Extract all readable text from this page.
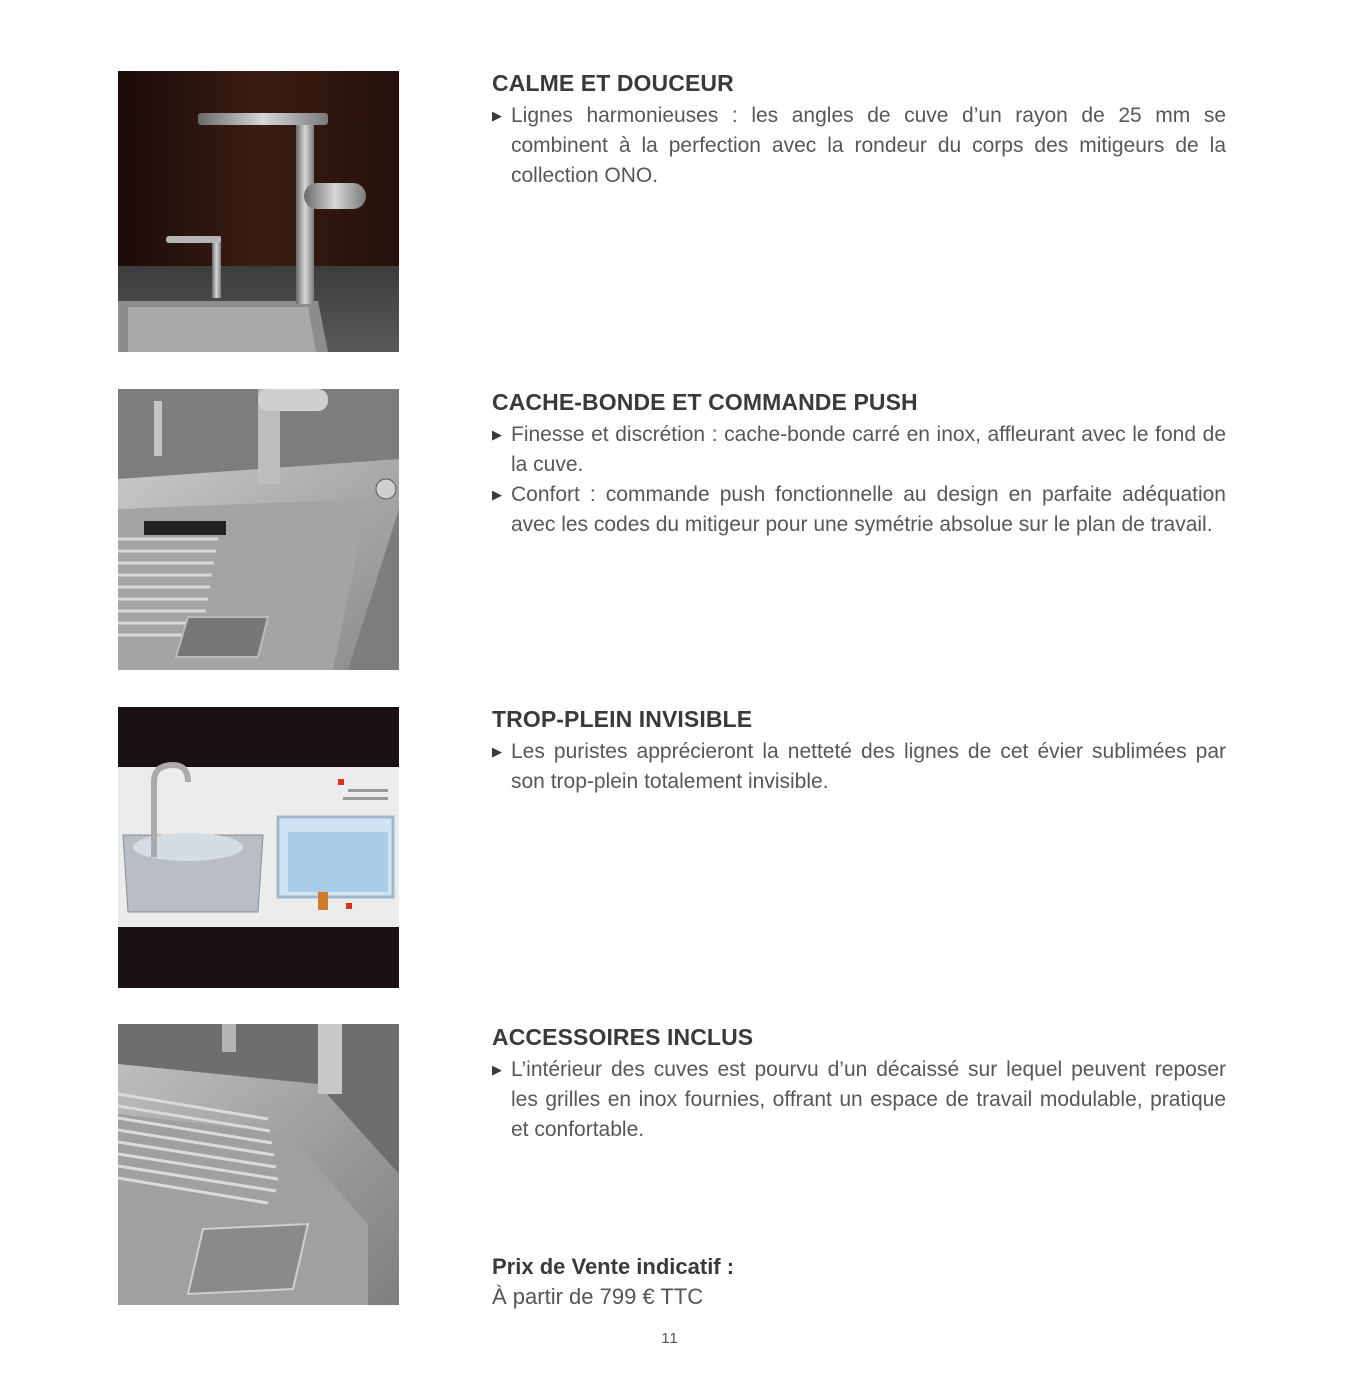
CALME ET DOUCEUR
▶ Lignes harmonieuses : les angles de cuve d’un rayon de 25 mm se combinent à la perfection avec la rondeur du corps des mitigeurs de la collection ONO.
CACHE-BONDE ET COMMANDE PUSH
▶ Finesse et discrétion : cache-bonde carré en inox, affleurant avec le fond de la cuve.
▶ Confort : commande push fonctionnelle au design en parfaite adéquation avec les codes du mitigeur pour une symétrie absolue sur le plan de travail.
TROP-PLEIN INVISIBLE
▶ Les puristes apprécieront la netteté des lignes de cet évier sublimées par son trop-plein totalement invisible.
ACCESSOIRES INCLUS
▶ L’intérieur des cuves est pourvu d’un décaissé sur lequel peuvent reposer les grilles en inox fournies, offrant un espace de travail modulable, pratique et confortable.
Prix de Vente indicatif :
À partir de 799 € TTC
11
